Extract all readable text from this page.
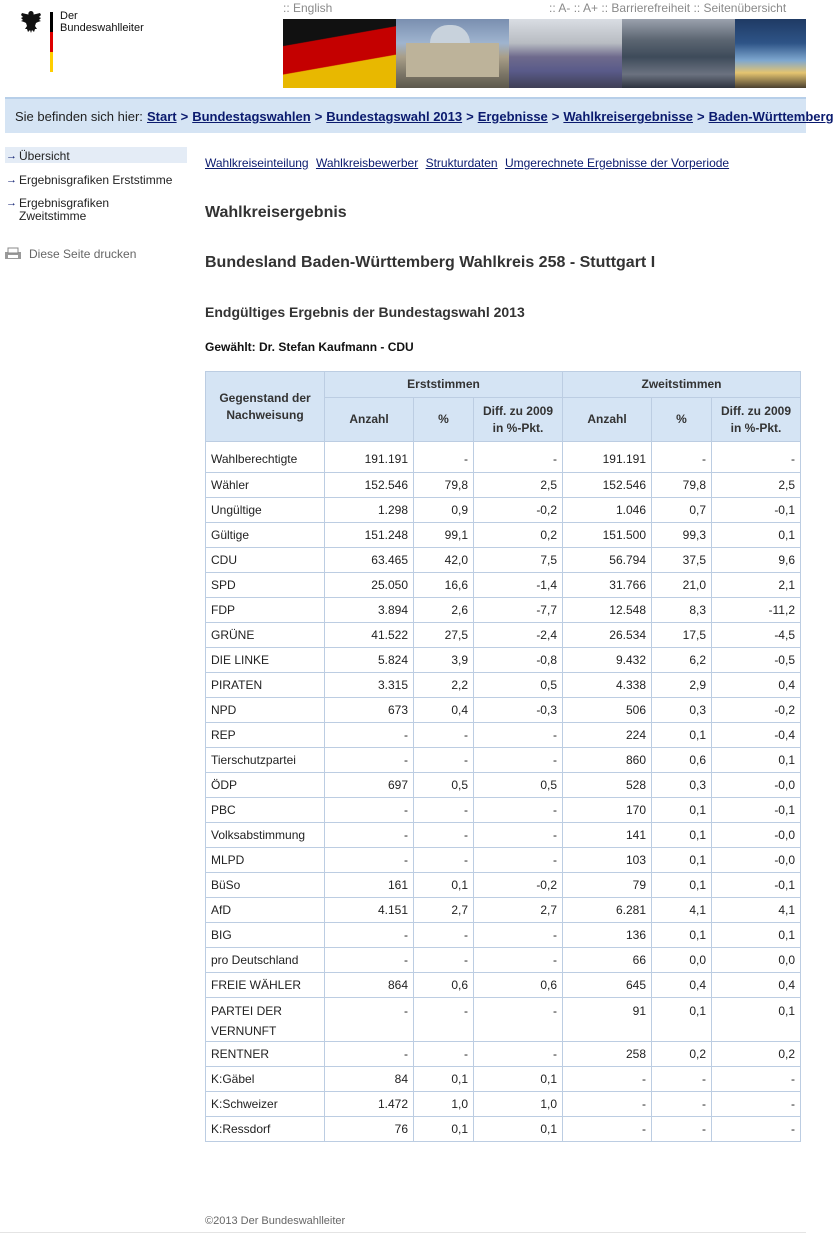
Der
Bundeswahlleiter
:: English	:: A- :: A+ :: Barrierefreiheit :: Seitenübersicht
Sie befinden sich hier: Start > Bundestagswahlen > Bundestagswahl 2013 > Ergebnisse > Wahlkreisergebnisse > Baden-Württemberg
→ Übersicht
→ Ergebnisgrafiken Erststimme
→ Ergebnisgrafiken Zweitstimme
Diese Seite drucken
Wahlkreiseinteilung Wahlkreisbewerber Strukturdaten Umgerechnete Ergebnisse der Vorperiode
Wahlkreisergebnis
Bundesland Baden-Württemberg Wahlkreis 258 - Stuttgart I
Endgültiges Ergebnis der Bundestagswahl 2013
Gewählt: Dr. Stefan Kaufmann - CDU
Gegenstand der Nachweisung	Erststimmen			Zweitstimmen		
	Anzahl	%	Diff. zu 2009 in %-Pkt.	Anzahl	%	Diff. zu 2009 in %-Pkt.
Wahlberechtigte	191.191	-	-	191.191	-	-
Wähler	152.546	79,8	2,5	152.546	79,8	2,5
Ungültige	1.298	0,9	-0,2	1.046	0,7	-0,1
Gültige	151.248	99,1	0,2	151.500	99,3	0,1
CDU	63.465	42,0	7,5	56.794	37,5	9,6
SPD	25.050	16,6	-1,4	31.766	21,0	2,1
FDP	3.894	2,6	-7,7	12.548	8,3	-11,2
GRÜNE	41.522	27,5	-2,4	26.534	17,5	-4,5
DIE LINKE	5.824	3,9	-0,8	9.432	6,2	-0,5
PIRATEN	3.315	2,2	0,5	4.338	2,9	0,4
NPD	673	0,4	-0,3	506	0,3	-0,2
REP	-	-	-	224	0,1	-0,4
Tierschutzpartei	-	-	-	860	0,6	0,1
ÖDP	697	0,5	0,5	528	0,3	-0,0
PBC	-	-	-	170	0,1	-0,1
Volksabstimmung	-	-	-	141	0,1	-0,0
MLPD	-	-	-	103	0,1	-0,0
BüSo	161	0,1	-0,2	79	0,1	-0,1
AfD	4.151	2,7	2,7	6.281	4,1	4,1
BIG	-	-	-	136	0,1	0,1
pro Deutschland	-	-	-	66	0,0	0,0
FREIE WÄHLER	864	0,6	0,6	645	0,4	0,4
PARTEI DER VERNUNFT	-	-	-	91	0,1	0,1
RENTNER	-	-	-	258	0,2	0,2
K:Gäbel	84	0,1	0,1	-	-	-
K:Schweizer	1.472	1,0	1,0	-	-	-
K:Ressdorf	76	0,1	0,1	-	-	-
©2013 Der Bundeswahlleiter
